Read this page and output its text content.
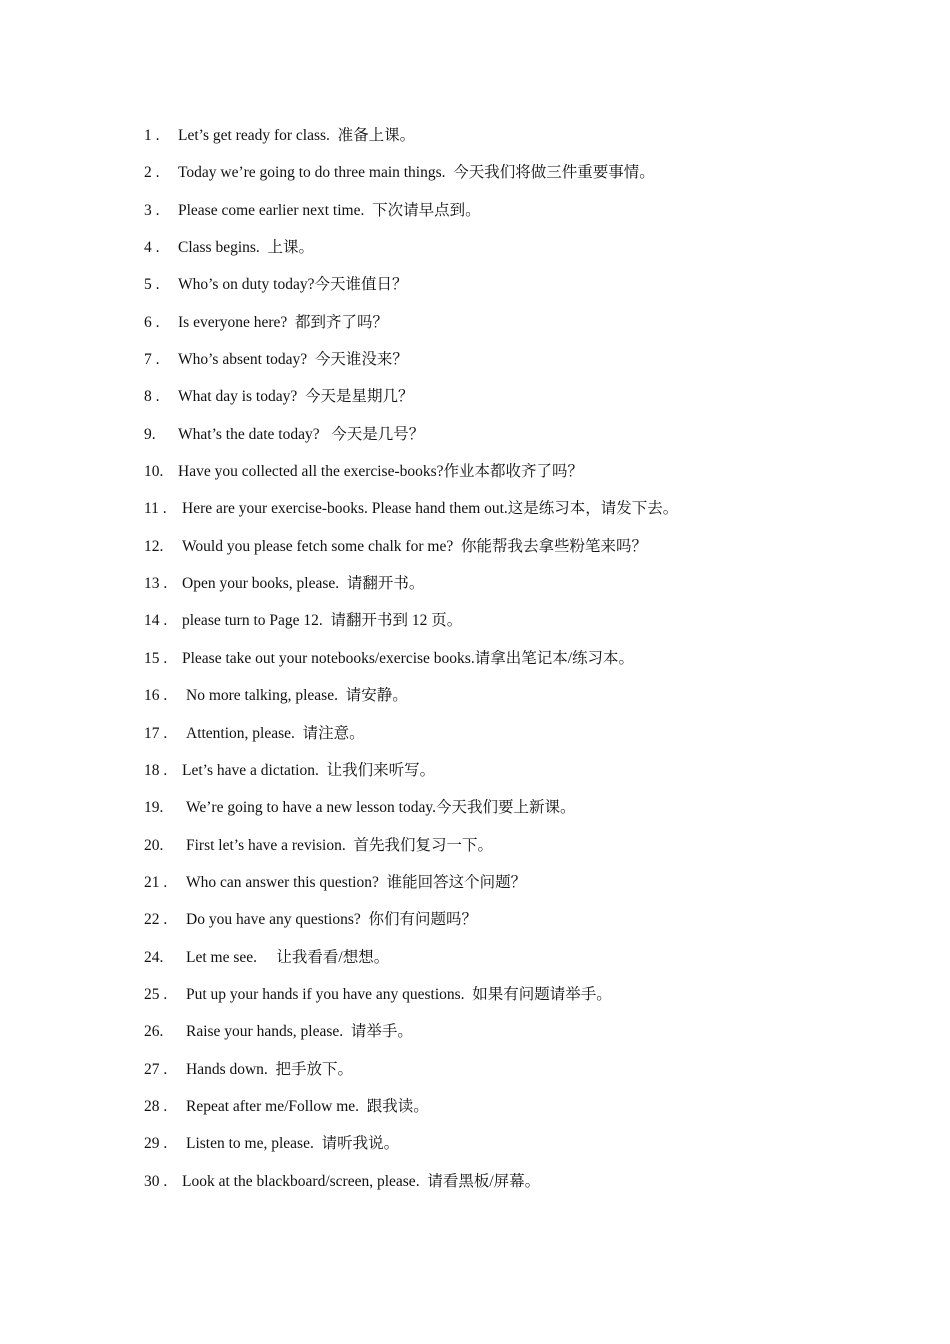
1 .	Let’s get ready for class.  准备上课。
2 .	Today we’re going to do three main things.  今天我们将做三件重要事情。
3 .	Please come earlier next time.  下次请早点到。
4 .	Class begins.  上课。
5 .	Who’s on duty today?今天谁值日？
6 .	Is everyone here?  都到齐了吗？
7 .	Who’s absent today?  今天谁没来？
8 .	What day is today?  今天是星期几？
9.	What’s the date today?   今天是几号？
10. Have you collected all the exercise-books?作业本都收齐了吗？
11 . Here are your exercise-books. Please hand them out.这是练习本，请发下去。
12.	Would you please fetch some chalk for me?  你能帮我去拿些粉笔来吗？
13 . Open your books, please.  请翻开书。
14 . please turn to Page 12.  请翻开书到 12 页。
15 . Please take out your notebooks/exercise books.请拿出笔记本/练习本。
16 .	No more talking, please.  请安静。
17 .	Attention, please.  请注意。
18 . Let’s have a dictation.  让我们来听写。
19.	We’re going to have a new lesson today.今天我们要上新课。
20.	First let’s have a revision.  首先我们复习一下。
21 .	Who can answer this question?  谁能回答这个问题？
22 .	Do you have any questions?  你们有问题吗？
24.	Let me see.     让我看看/想想。
25 .	Put up your hands if you have any questions.  如果有问题请举手。
26.	Raise your hands, please.  请举手。
27 .	Hands down.  把手放下。
28 .	Repeat after me/Follow me.  跟我读。
29 .	Listen to me, please.  请听我说。
30 . Look at the blackboard/screen, please.  请看黑板/屏幕。
